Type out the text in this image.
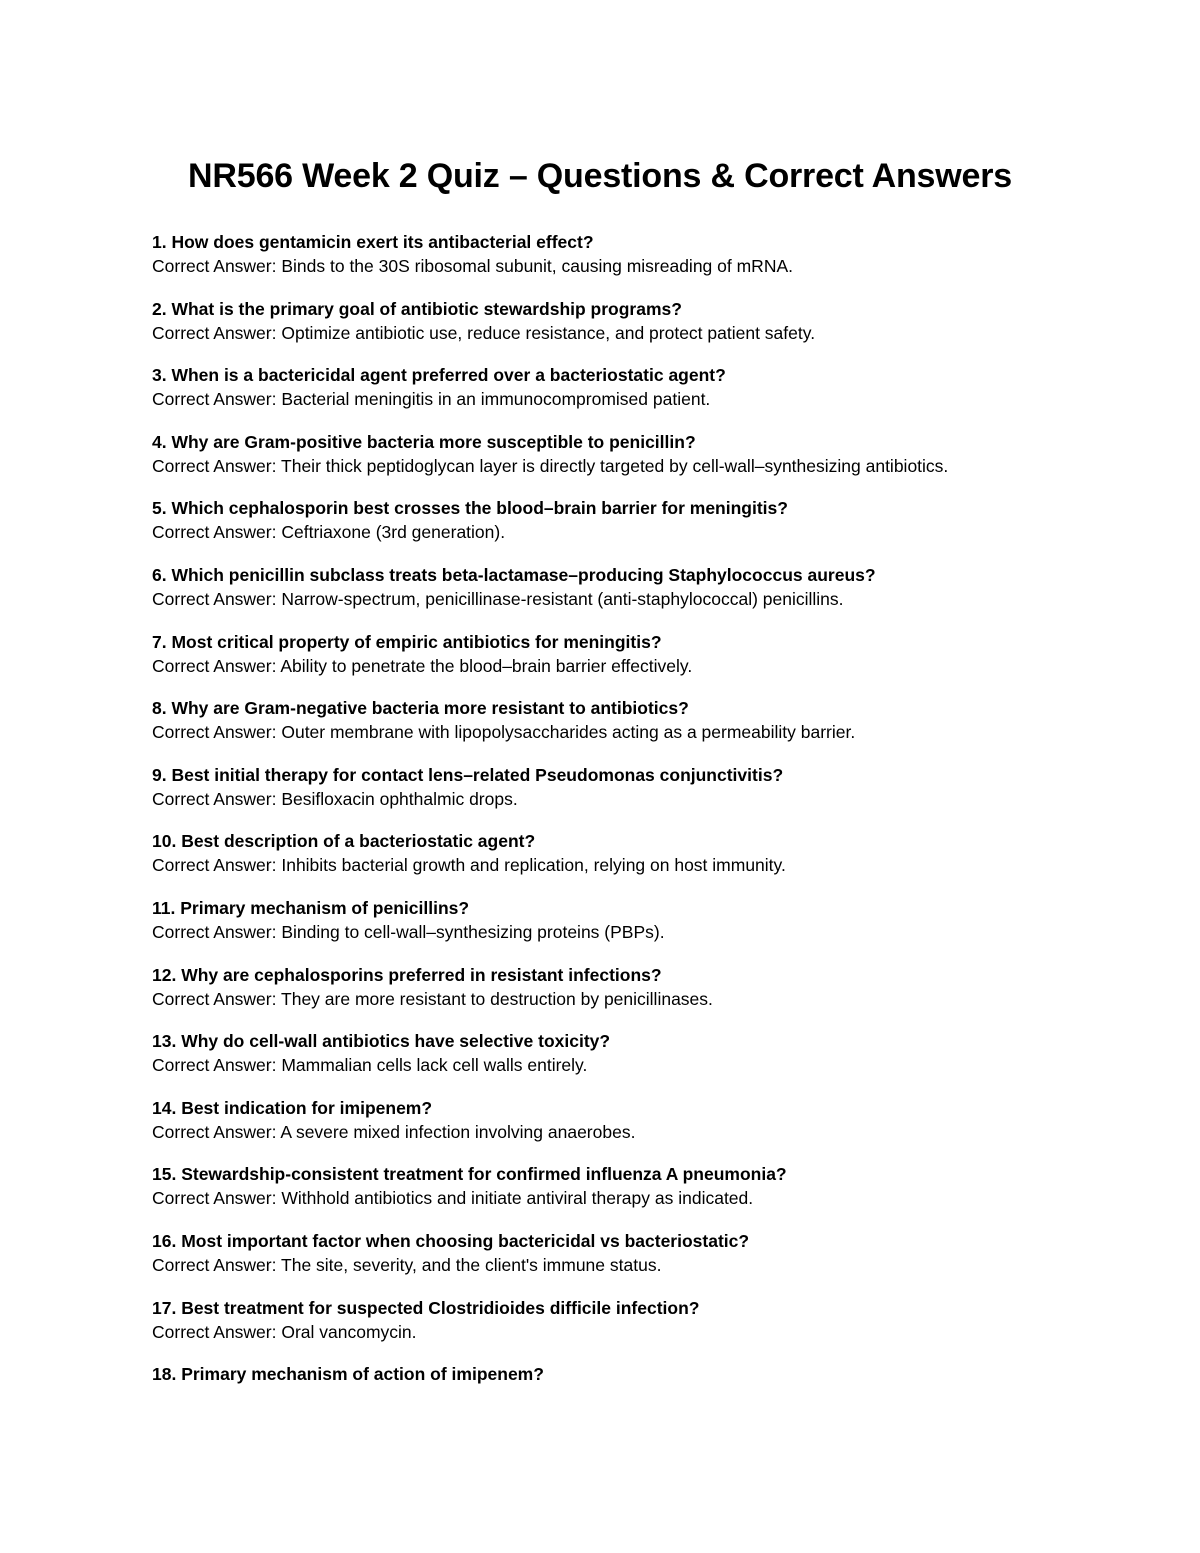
NR566 Week 2 Quiz – Questions & Correct Answers
1. How does gentamicin exert its antibacterial effect?
Correct Answer: Binds to the 30S ribosomal subunit, causing misreading of mRNA.
2. What is the primary goal of antibiotic stewardship programs?
Correct Answer: Optimize antibiotic use, reduce resistance, and protect patient safety.
3. When is a bactericidal agent preferred over a bacteriostatic agent?
Correct Answer: Bacterial meningitis in an immunocompromised patient.
4. Why are Gram-positive bacteria more susceptible to penicillin?
Correct Answer: Their thick peptidoglycan layer is directly targeted by cell-wall–synthesizing antibiotics.
5. Which cephalosporin best crosses the blood–brain barrier for meningitis?
Correct Answer: Ceftriaxone (3rd generation).
6. Which penicillin subclass treats beta-lactamase–producing Staphylococcus aureus?
Correct Answer: Narrow-spectrum, penicillinase-resistant (anti-staphylococcal) penicillins.
7. Most critical property of empiric antibiotics for meningitis?
Correct Answer: Ability to penetrate the blood–brain barrier effectively.
8. Why are Gram-negative bacteria more resistant to antibiotics?
Correct Answer: Outer membrane with lipopolysaccharides acting as a permeability barrier.
9. Best initial therapy for contact lens–related Pseudomonas conjunctivitis?
Correct Answer: Besifloxacin ophthalmic drops.
10. Best description of a bacteriostatic agent?
Correct Answer: Inhibits bacterial growth and replication, relying on host immunity.
11. Primary mechanism of penicillins?
Correct Answer: Binding to cell-wall–synthesizing proteins (PBPs).
12. Why are cephalosporins preferred in resistant infections?
Correct Answer: They are more resistant to destruction by penicillinases.
13. Why do cell-wall antibiotics have selective toxicity?
Correct Answer: Mammalian cells lack cell walls entirely.
14. Best indication for imipenem?
Correct Answer: A severe mixed infection involving anaerobes.
15. Stewardship-consistent treatment for confirmed influenza A pneumonia?
Correct Answer: Withhold antibiotics and initiate antiviral therapy as indicated.
16. Most important factor when choosing bactericidal vs bacteriostatic?
Correct Answer: The site, severity, and the client's immune status.
17. Best treatment for suspected Clostridioides difficile infection?
Correct Answer: Oral vancomycin.
18. Primary mechanism of action of imipenem?
